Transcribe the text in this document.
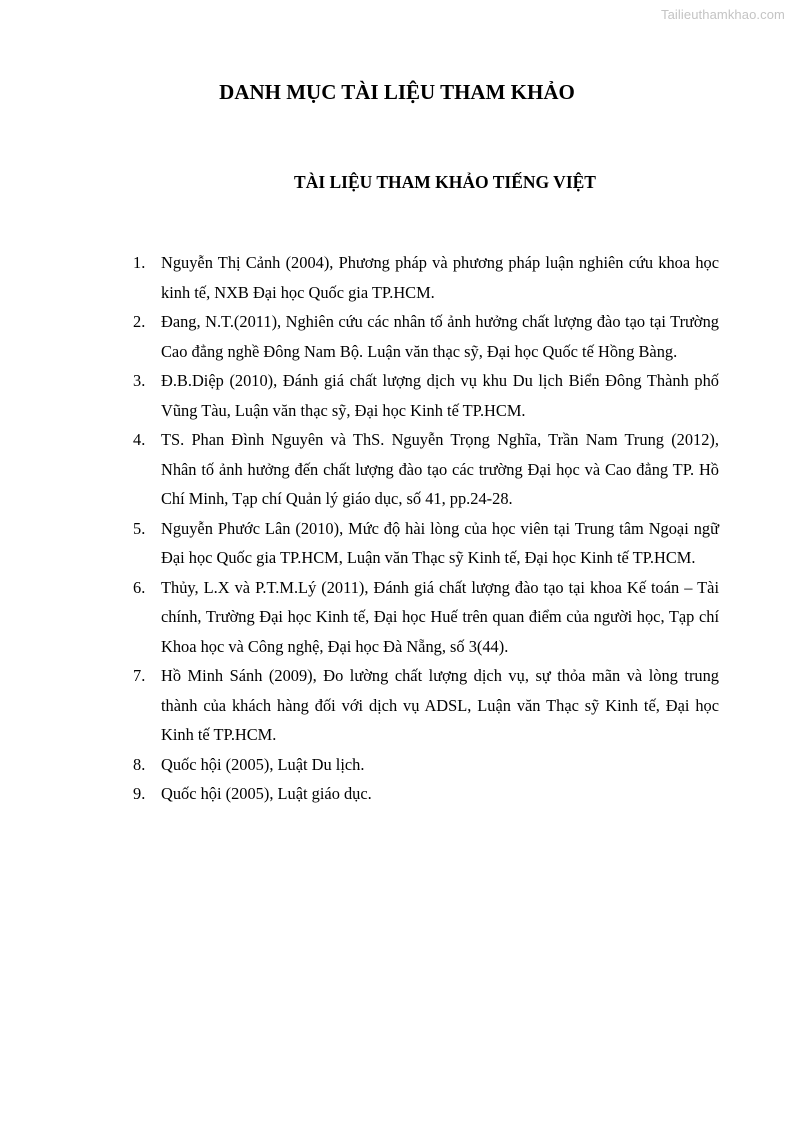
Tailieuthamkhao.com
DANH MỤC TÀI LIỆU THAM KHẢO
TÀI LIỆU THAM KHẢO TIẾNG VIỆT
1. Nguyễn Thị Cảnh (2004), Phương pháp và phương pháp luận nghiên cứu khoa học kinh tế, NXB Đại học Quốc gia TP.HCM.
2. Đang, N.T.(2011), Nghiên cứu các nhân tố ảnh hưởng chất lượng đào tạo tại Trường Cao đẳng nghề Đông Nam Bộ. Luận văn thạc sỹ, Đại học Quốc tế Hồng Bàng.
3. Đ.B.Diệp (2010), Đánh giá chất lượng dịch vụ khu Du lịch Biển Đông Thành phố Vũng Tàu, Luận văn thạc sỹ, Đại học Kinh tế TP.HCM.
4. TS. Phan Đình Nguyên và ThS. Nguyễn Trọng Nghĩa, Trần Nam Trung (2012), Nhân tố ảnh hưởng đến chất lượng đào tạo các trường Đại học và Cao đẳng TP. Hồ Chí Minh, Tạp chí Quản lý giáo dục, số 41, pp.24-28.
5. Nguyễn Phước Lân (2010), Mức độ hài lòng của học viên tại Trung tâm Ngoại ngữ Đại học Quốc gia TP.HCM, Luận văn Thạc sỹ Kinh tế, Đại học Kinh tế TP.HCM.
6. Thủy, L.X và P.T.M.Lý (2011), Đánh giá chất lượng đào tạo tại khoa Kế toán – Tài chính, Trường Đại học Kinh tế, Đại học Huế trên quan điểm của người học, Tạp chí Khoa học và Công nghệ, Đại học Đà Nẵng, số 3(44).
7. Hồ Minh Sánh (2009), Đo lường chất lượng dịch vụ, sự thỏa mãn và lòng trung thành của khách hàng đối với dịch vụ ADSL, Luận văn Thạc sỹ Kinh tế, Đại học Kinh tế TP.HCM.
8. Quốc hội (2005), Luật Du lịch.
9. Quốc hội (2005), Luật giáo dục.
